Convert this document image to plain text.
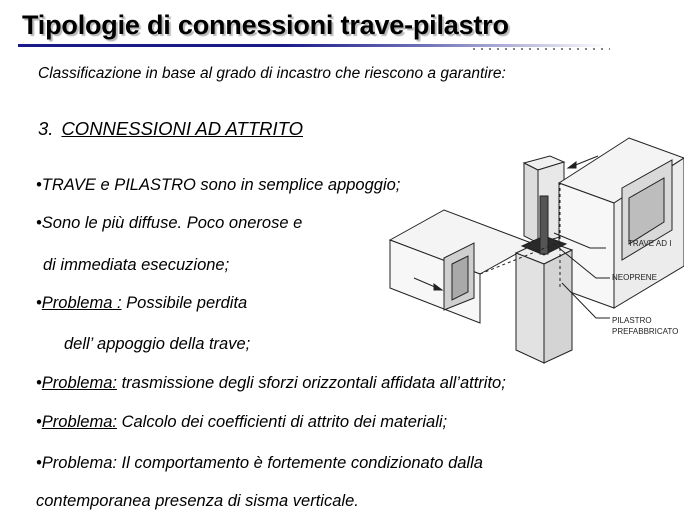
Tipologie di connessioni trave-pilastro
Classificazione in base al grado di incastro che riescono a garantire:
3. CONNESSIONI AD ATTRITO
•TRAVE e PILASTRO sono in semplice appoggio;
•Sono le più diffuse. Poco onerose e
di immediata esecuzione;
•Problema : Possibile perdita
dell’ appoggio della trave;
•Problema: trasmissione degli sforzi orizzontali affidata all’attrito;
•Problema: Calcolo dei coefficienti di attrito dei materiali;
•Problema: Il comportamento è fortemente condizionato dalla
contemporanea presenza di sisma verticale.
TRAVE AD I
NEOPRENE
PILASTRO
PREFABBRICATO
